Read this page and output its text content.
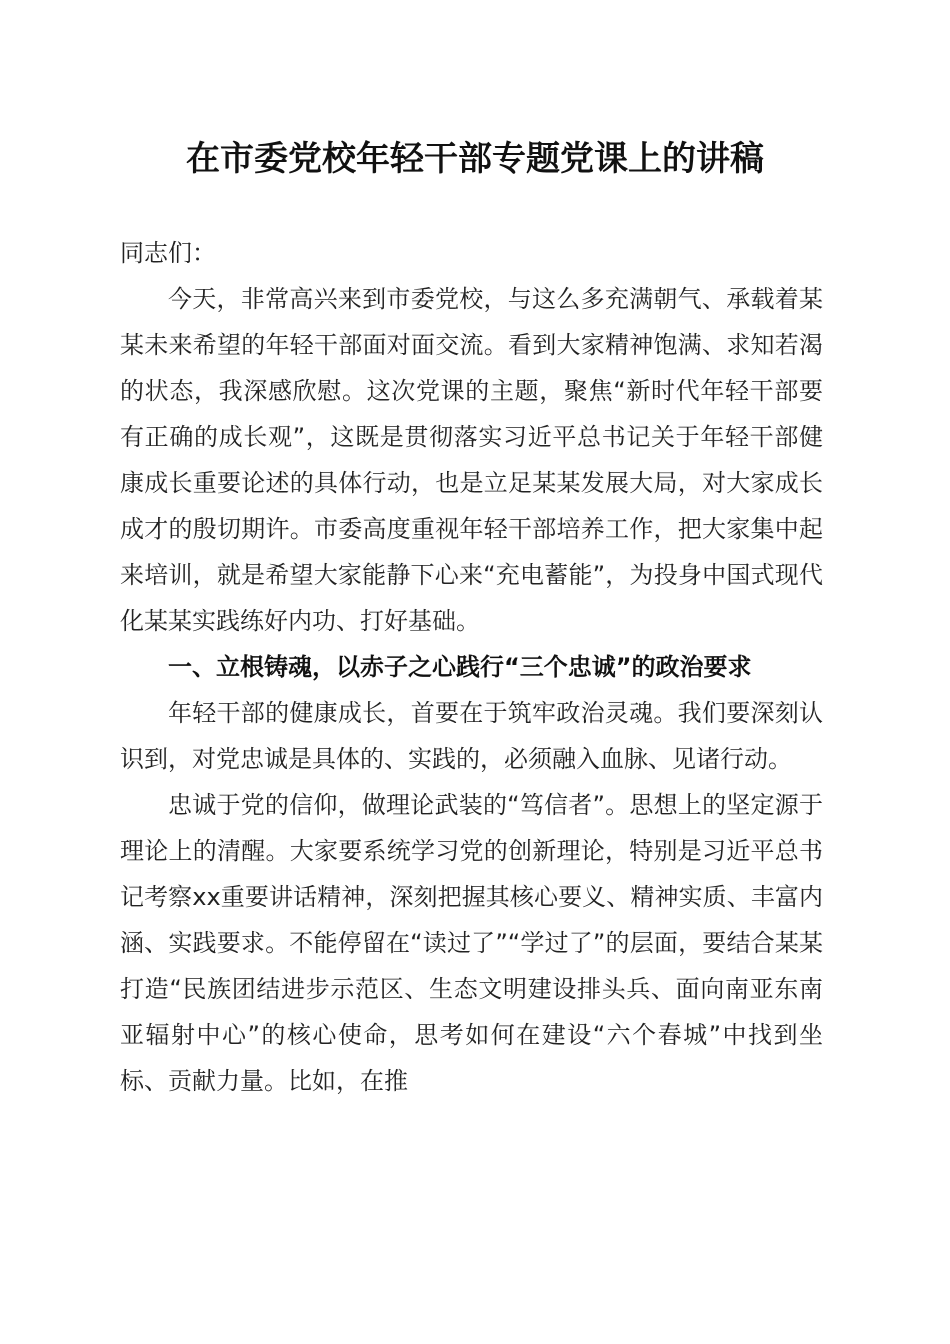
在市委党校年轻干部专题党课上的讲稿

同志们：

今天，非常高兴来到市委党校，与这么多充满朝气、承载着某某未来希望的年轻干部面对面交流。看到大家精神饱满、求知若渴的状态，我深感欣慰。这次党课的主题，聚焦“新时代年轻干部要有正确的成长观”，这既是贯彻落实习近平总书记关于年轻干部健康成长重要论述的具体行动，也是立足某某发展大局，对大家成长成才的殷切期许。市委高度重视年轻干部培养工作，把大家集中起来培训，就是希望大家能静下心来“充电蓄能”，为投身中国式现代化某某实践练好内功、打好基础。

一、立根铸魂，以赤子之心践行“三个忠诚”的政治要求

年轻干部的健康成长，首要在于筑牢政治灵魂。我们要深刻认识到，对党忠诚是具体的、实践的，必须融入血脉、见诸行动。

忠诚于党的信仰，做理论武装的“笃信者”。思想上的坚定源于理论上的清醒。大家要系统学习党的创新理论，特别是习近平总书记考察xx重要讲话精神，深刻把握其核心要义、精神实质、丰富内涵、实践要求。不能停留在“读过了”“学过了”的层面，要结合某某打造“民族团结进步示范区、生态文明建设排头兵、面向南亚东南亚辐射中心”的核心使命，思考如何在建设“六个春城”中找到坐标、贡献力量。比如，在推
